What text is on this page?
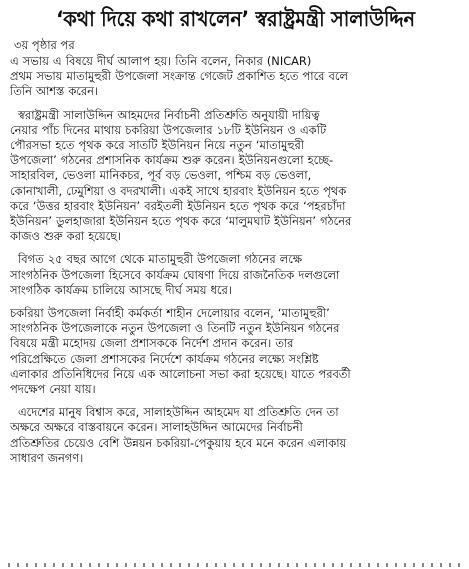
‘কথা দিয়ে কথা রাখলেন’ স্বরাষ্ট্রমন্ত্রী সালাউদ্দিন
৩য় পৃষ্ঠার পর

এ সভায় এ বিষয়ে দীর্ঘ আলাপ হয়। তিনি বলেন, নিকার (NICAR)
প্রথম সভায় মাতামুহুরী উপজেলা সংক্রান্ত গেজেট প্রকাশিত হতে পারে বলে
তিনি আশস্ত করেন।

স্বরাষ্ট্রমন্ত্রী সালাউদ্দিন আহমদের নির্বাচনী প্রতিশ্রুতি অনুযায়ী দায়িত্ব
নেয়ার পাঁচ দিনের মাথায় চকরিয়া উপজেলার ১৮টি ইউনিয়ন ও একটি
পৌরসভা হতে পৃথক করে সাতটি ইউনিয়ন নিয়ে নতুন ‘মাতামুহুরী
উপজেলা’ গঠনের প্রশাসনিক কার্যক্রম শুরু করেন। ইউনিয়নগুলো হচ্ছে-
সাহারবিল, ভেওলা মানিকচর, পূর্ব বড় ভেওলা, পশ্চিম বড় ভেওলা,
কোনাখালী, ঢেমুশিয়া ও বদরখালী। একই সাথে হারবাং ইউনিয়ন হতে পৃথক
করে ‘উত্তর হারবাং ইউনিয়ন’ বরইতলী ইউনিয়ন হতে পৃথক করে ‘পহরচাঁদা
ইউনিয়ন’ ডুলহাজারা ইউনিয়ন হতে পৃথক করে ‘মালুমঘাট ইউনিয়ন’ গঠনের
কাজও শুরু করা হয়েছে।

বিগত ২৫ বছর আগে থেকে মাতামুহুরী উপজেলা গঠনের লক্ষে
সাংগঠনিক উপজেলা হিসেবে কার্যক্রম ঘোষণা দিয়ে রাজনৈতিক দলগুলো
সাংগঠিক কার্যক্রম চালিয়ে আসছে দীর্ঘ সময় ধরে।

চকরিয়া উপজেলা নির্বাহী কর্মকর্তা শাহীন দেলোয়ার বলেন, ‘মাতামুহুরী’
সাংগঠনিক উপজেলাকে নতুন উপজেলা ও তিনটি নতুন ইউনিয়ন গঠনের
বিষয়ে মন্ত্রী মহোদয় জেলা প্রশাসককে নির্দেশ প্রদান করেন। তার
পরিপ্রেক্ষিতে জেলা প্রশাসকের নির্দেশে কার্যক্রম গঠনের লক্ষ্যে সংশ্লিষ্ট
এলাকার প্রতিনিধিদের নিয়ে এক আলোচনা সভা করা হয়েছে। যাতে পরবর্তী
পদক্ষেপ নেয়া যায়।

এদেশের মানুষ বিশ্বাস করে, সালাহউদ্দিন আহমেদ যা প্রতিশ্রুতি দেন তা
অক্ষরে অক্ষরে বাস্তবায়নে করেন। সালাহউদ্দিন আমেদের নির্বাচনী
প্রতিশ্রুতির চেয়েও বেশি উন্নয়ন চকরিয়া-পেকুয়ায় হবে মনে করেন এলাকায়
সাধারণ জনগণ।
